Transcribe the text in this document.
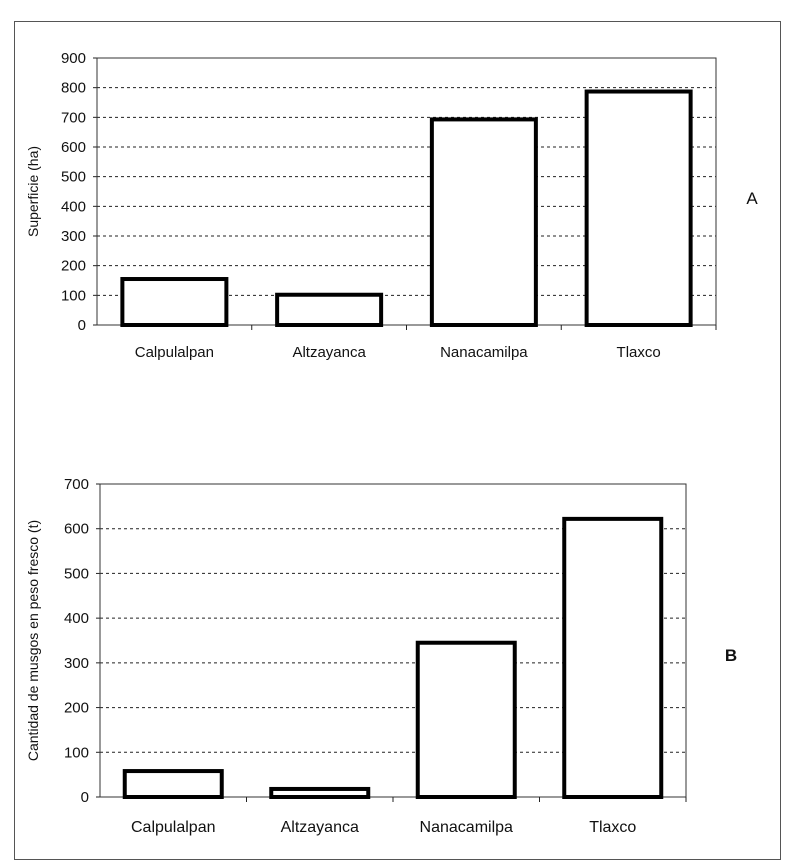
0
100
200
300
400
500
600
700
800
900
Calpulalpan	Altzayanca	Nanacamilpa	Tlaxco
Superficie (ha)	A
0
100
200
300
400
500
600
700
Calpulalpan	Altzayanca	Nanacamilpa	Tlaxco
Cantidad de musgos en peso fresco (t)	B
